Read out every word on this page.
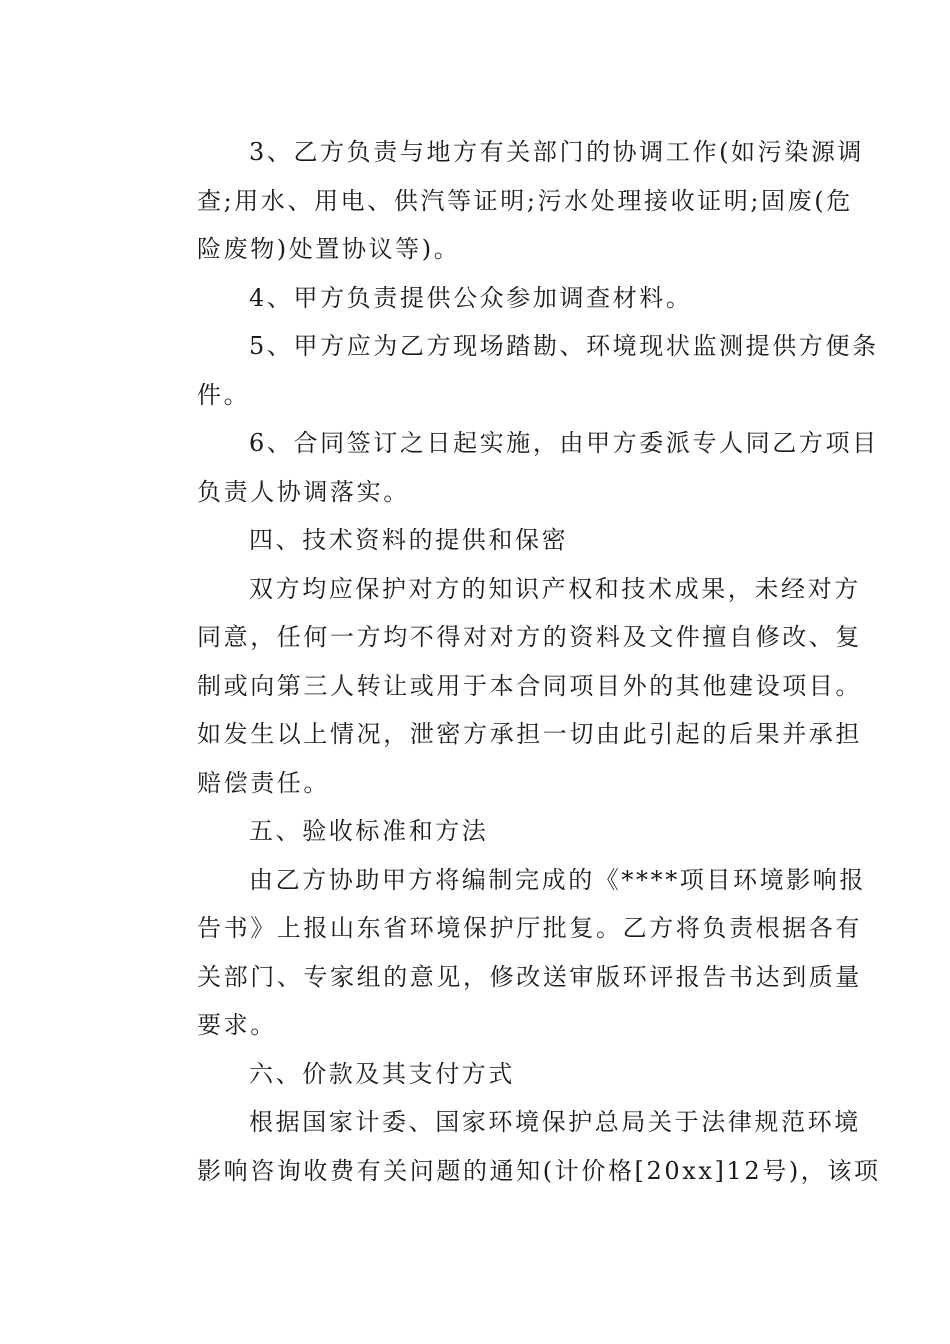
3、乙方负责与地方有关部门的协调工作(如污染源调
查;用水、用电、供汽等证明;污水处理接收证明;固废(危
险废物)处置协议等)。
4、甲方负责提供公众参加调查材料。
5、甲方应为乙方现场踏勘、环境现状监测提供方便条
件。
6、合同签订之日起实施，由甲方委派专人同乙方项目
负责人协调落实。
四、技术资料的提供和保密
双方均应保护对方的知识产权和技术成果，未经对方
同意，任何一方均不得对对方的资料及文件擅自修改、复
制或向第三人转让或用于本合同项目外的其他建设项目。
如发生以上情况，泄密方承担一切由此引起的后果并承担
赔偿责任。
五、验收标准和方法
由乙方协助甲方将编制完成的《****项目环境影响报
告书》上报山东省环境保护厅批复。乙方将负责根据各有
关部门、专家组的意见，修改送审版环评报告书达到质量
要求。
六、价款及其支付方式
根据国家计委、国家环境保护总局关于法律规范环境
影响咨询收费有关问题的通知(计价格[20xx]12号)，该项
